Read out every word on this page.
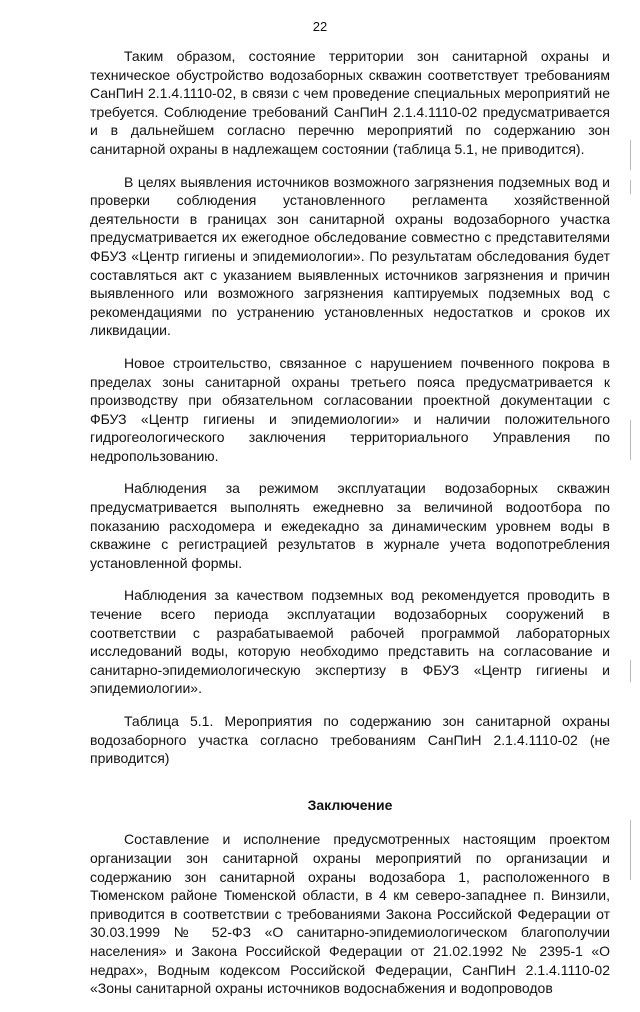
22

Таким образом, состояние территории зон санитарной охраны и техническое обустройство водозаборных скважин соответствует требованиям СанПиН 2.1.4.1110-02, в связи с чем проведение специальных мероприятий не требуется. Соблюдение требований СанПиН 2.1.4.1110-02 предусматривается и в дальнейшем согласно перечню мероприятий по содержанию зон санитарной охраны в надлежащем состоянии (таблица 5.1, не приводится).

В целях выявления источников возможного загрязнения подземных вод и проверки соблюдения установленного регламента хозяйственной деятельности в границах зон санитарной охраны водозаборного участка предусматривается их ежегодное обследование совместно с представителями ФБУЗ «Центр гигиены и эпидемиологии». По результатам обследования будет составляться акт с указанием выявленных источников загрязнения и причин выявленного или возможного загрязнения каптируемых подземных вод с рекомендациями по устранению установленных недостатков и сроков их ликвидации.

Новое строительство, связанное с нарушением почвенного покрова в пределах зоны санитарной охраны третьего пояса предусматривается к производству при обязательном согласовании проектной документации с ФБУЗ «Центр гигиены и эпидемиологии» и наличии положительного гидрогеологического заключения территориального Управления по недропользованию.

Наблюдения за режимом эксплуатации водозаборных скважин предусматривается выполнять ежедневно за величиной водоотбора по показанию расходомера и ежедекадно за динамическим уровнем воды в скважине с регистрацией результатов в журнале учета водопотребления установленной формы.

Наблюдения за качеством подземных вод рекомендуется проводить в течение всего периода эксплуатации водозаборных сооружений в соответствии с разрабатываемой рабочей программой лабораторных исследований воды, которую необходимо представить на согласование и санитарно-эпидемиологическую экспертизу в ФБУЗ «Центр гигиены и эпидемиологии».

Таблица 5.1. Мероприятия по содержанию зон санитарной охраны водозаборного участка согласно требованиям СанПиН 2.1.4.1110-02 (не приводится)

Заключение

Составление и исполнение предусмотренных настоящим проектом организации зон санитарной охраны мероприятий по организации и содержанию зон санитарной охраны водозабора 1, расположенного в Тюменском районе Тюменской области, в 4 км северо-западнее п. Винзили, приводится в соответствии с требованиями Закона Российской Федерации от 30.03.1999 № 52-ФЗ «О санитарно-эпидемиологическом благополучии населения» и Закона Российской Федерации от 21.02.1992 № 2395-1 «О недрах», Водным кодексом Российской Федерации, СанПиН 2.1.4.1110-02 «Зоны санитарной охраны источников водоснабжения и водопроводов
